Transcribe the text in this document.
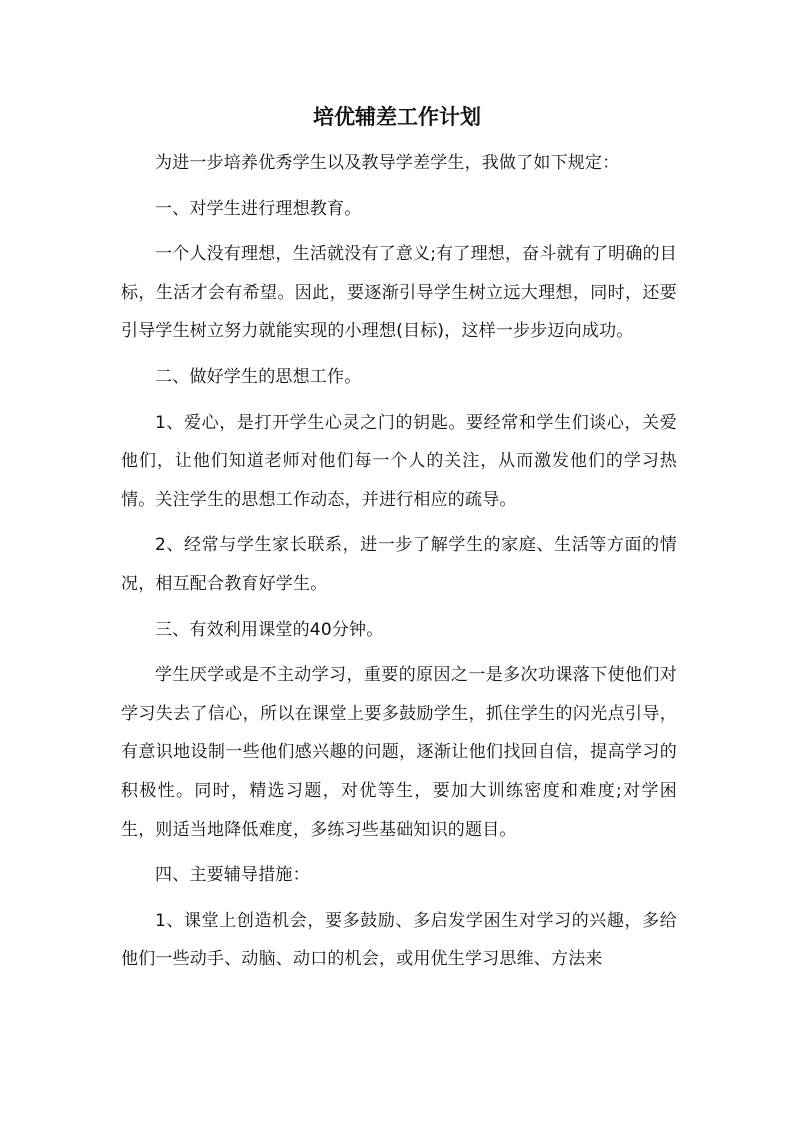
培优辅差工作计划

为进一步培养优秀学生以及教导学差学生，我做了如下规定：

一、对学生进行理想教育。

一个人没有理想，生活就没有了意义;有了理想，奋斗就有了明确的目标，生活才会有希望。因此，要逐渐引导学生树立远大理想，同时，还要引导学生树立努力就能实现的小理想(目标)，这样一步步迈向成功。

二、做好学生的思想工作。

1、爱心，是打开学生心灵之门的钥匙。要经常和学生们谈心，关爱他们，让他们知道老师对他们每一个人的关注，从而激发他们的学习热情。关注学生的思想工作动态，并进行相应的疏导。

2、经常与学生家长联系，进一步了解学生的家庭、生活等方面的情况，相互配合教育好学生。

三、有效利用课堂的40分钟。

学生厌学或是不主动学习，重要的原因之一是多次功课落下使他们对学习失去了信心，所以在课堂上要多鼓励学生，抓住学生的闪光点引导，有意识地设制一些他们感兴趣的问题，逐渐让他们找回自信，提高学习的积极性。同时，精选习题，对优等生，要加大训练密度和难度;对学困生，则适当地降低难度，多练习些基础知识的题目。

四、主要辅导措施：

1、课堂上创造机会，要多鼓励、多启发学困生对学习的兴趣，多给他们一些动手、动脑、动口的机会，或用优生学习思维、方法来
